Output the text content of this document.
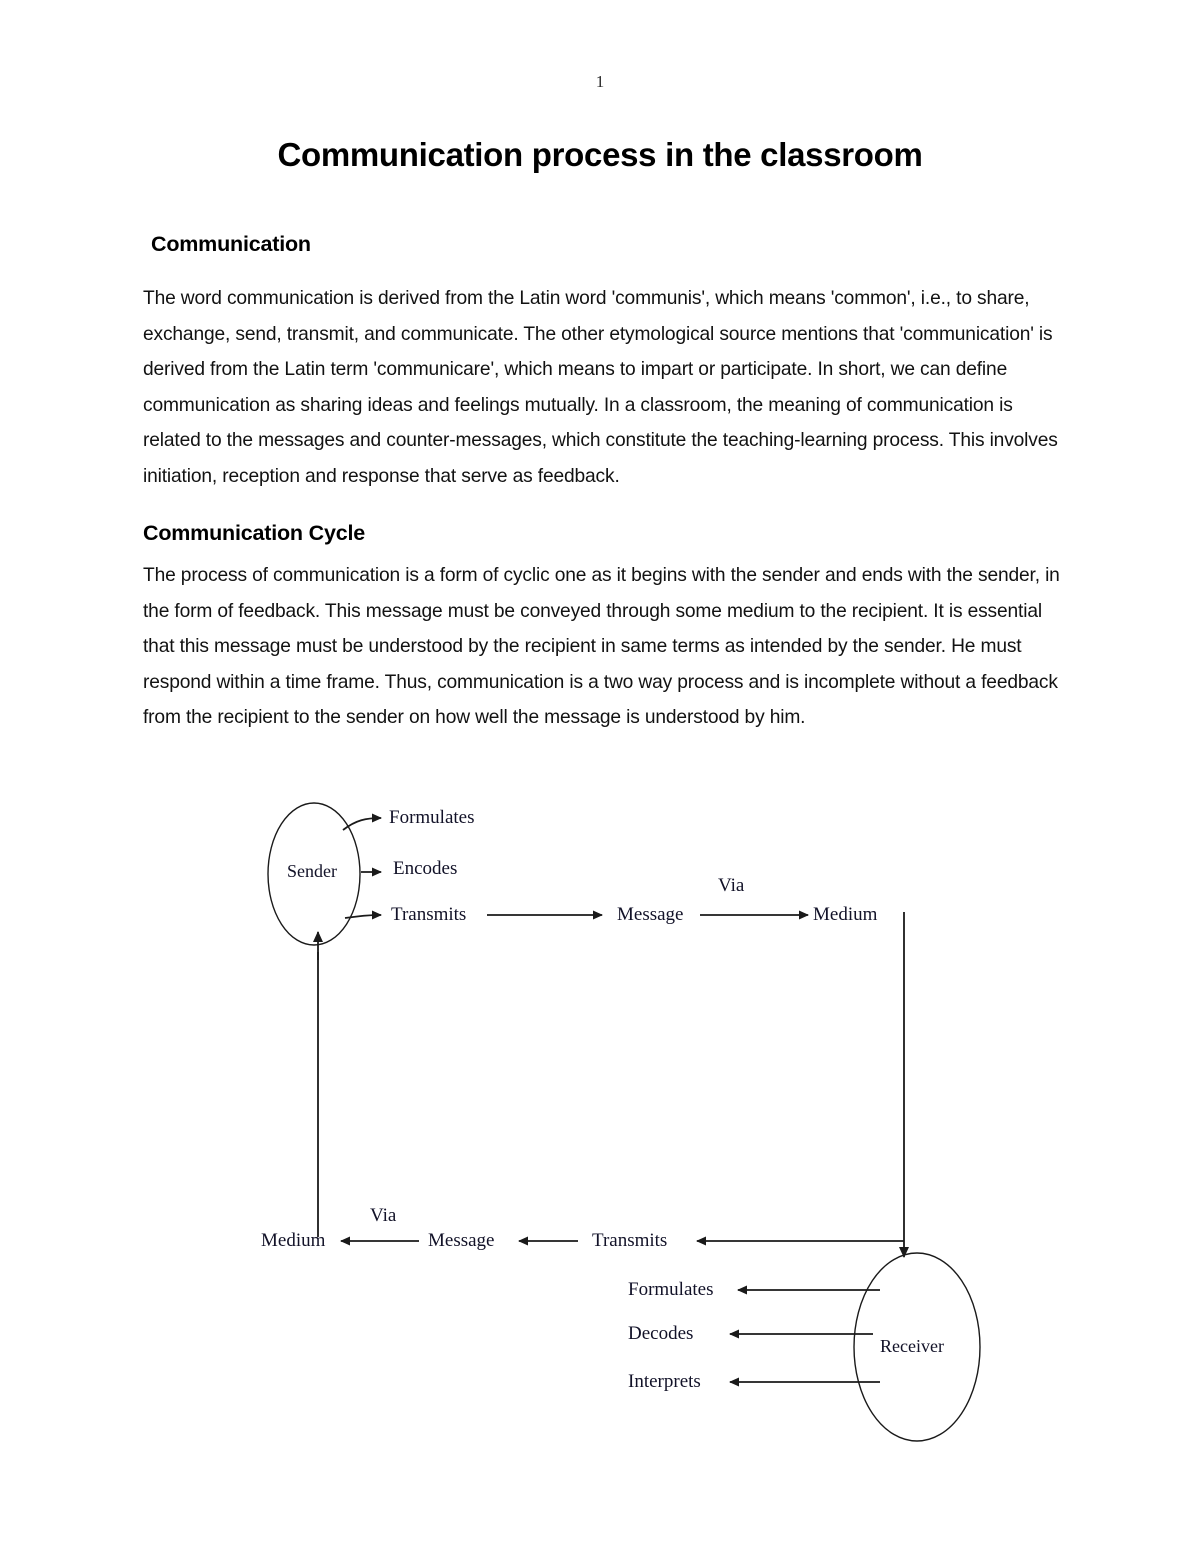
1
Communication process in the classroom
Communication

The word communication is derived from the Latin word 'communis', which means 'common', i.e., to share, exchange, send, transmit, and communicate. The other etymological source mentions that 'communication' is derived from the Latin term 'communicare', which means to impart or participate. In short, we can define communication as sharing ideas and feelings mutually. In a classroom, the meaning of communication is related to the messages and counter-messages, which constitute the teaching-learning process. This involves initiation, reception and response that serve as feedback.

Communication Cycle

The process of communication is a form of cyclic one as it begins with the sender and ends with the sender, in the form of feedback. This message must be conveyed through some medium to the recipient. It is essential that this message must be understood by the recipient in same terms as intended by the sender. He must respond within a time frame. Thus, communication is a two way process and is incomplete without a feedback from the recipient to the sender on how well the message is understood by him.

Sender
Receiver
Formulates
Encodes
Transmits	Message
Via
Medium
Transmits
Message
Via
Medium
Formulates
Decodes
Interprets
